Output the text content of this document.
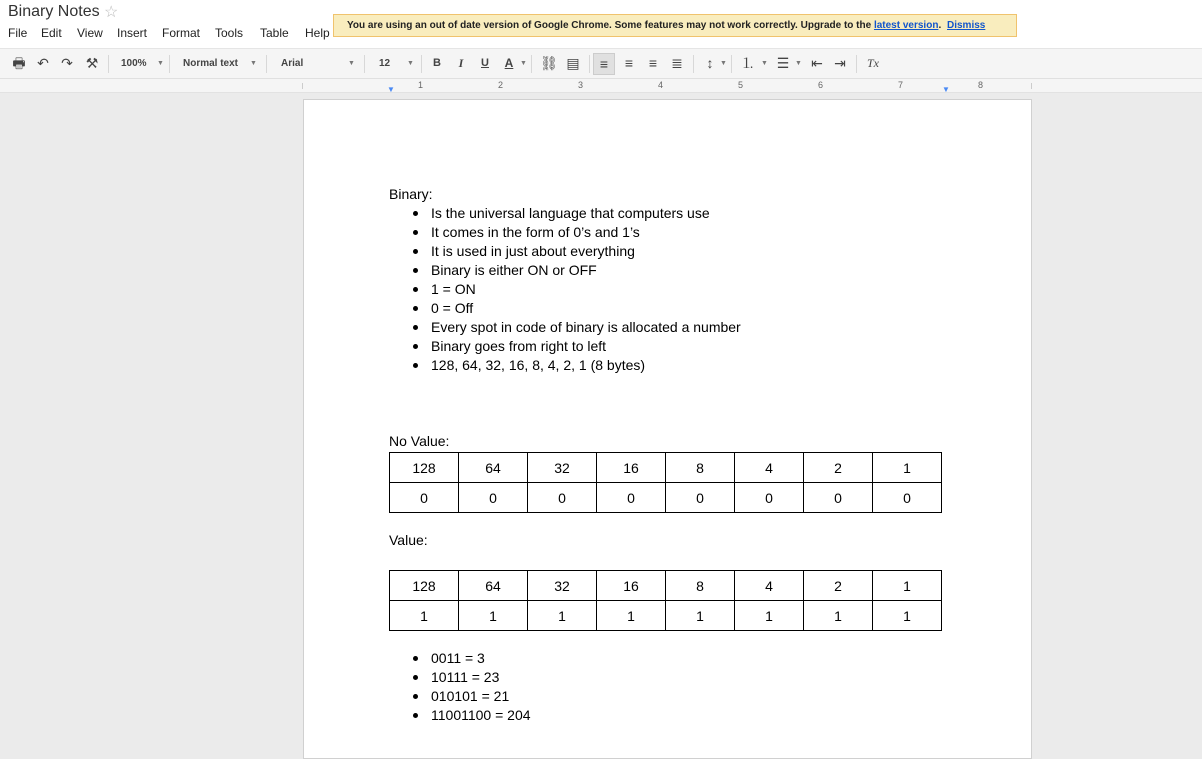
Binary Notes ☆
File Edit View Insert Format Tools Table Help
You are using an out of date version of Google Chrome. Some features may not work correctly. Upgrade to the latest version. Dismiss
🖶 ↶ ↷ ⚒	100% ▼ Normal text ▼ Arial	▼ 12 ▼	B	I	U	A ▼ ⛓ ▤	≡	≡	≡	≣	↕ ▼ ⒈ ▼ ☰ ▼ ⇤ ⇥	Tx
▼	▼
1	2	3	4	5	6	7	8
Binary:
Is the universal language that computers use
It comes in the form of 0’s and 1’s
It is used in just about everything
Binary is either ON or OFF
1 = ON
0 = Off
Every spot in code of binary is allocated a number
Binary goes from right to left
128, 64, 32, 16, 8, 4, 2, 1 (8 bytes)
No Value:
128	64	32	16	8	4	2	1
0	0	0	0	0	0	0	0
Value:
128	64	32	16	8	4	2	1
1	1	1	1	1	1	1	1
0011 = 3
10111 = 23
010101 = 21
11001100 = 204
